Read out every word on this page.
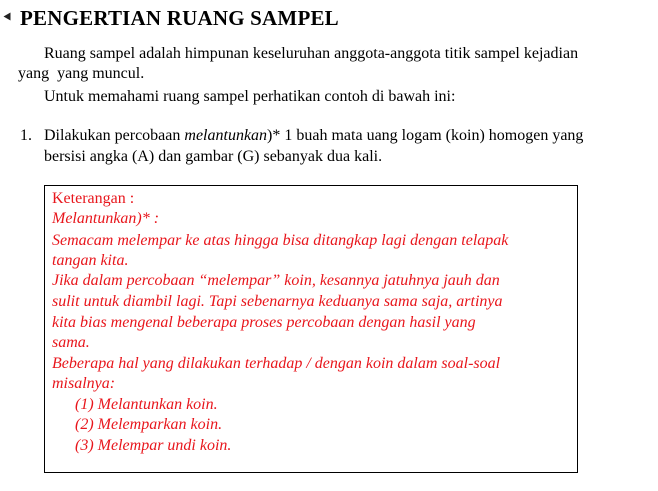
PENGERTIAN RUANG SAMPEL
Ruang sampel adalah himpunan keseluruhan anggota-anggota titik sampel kejadian
yang  yang muncul.
Untuk memahami ruang sampel perhatikan contoh di bawah ini:
1. Dilakukan percobaan melantunkan)* 1 buah mata uang logam (koin) homogen yang
bersisi angka (A) dan gambar (G) sebanyak dua kali.
Keterangan :
Melantunkan)* :
Semacam melempar ke atas hingga bisa ditangkap lagi dengan telapak
tangan kita.
Jika dalam percobaan “melempar” koin, kesannya jatuhnya jauh dan
sulit untuk diambil lagi. Tapi sebenarnya keduanya sama saja, artinya
kita bias mengenal beberapa proses percobaan dengan hasil yang
sama.
Beberapa hal yang dilakukan terhadap / dengan koin dalam soal-soal
misalnya:
(1) Melantunkan koin.
(2) Melemparkan koin.
(3) Melempar undi koin.
